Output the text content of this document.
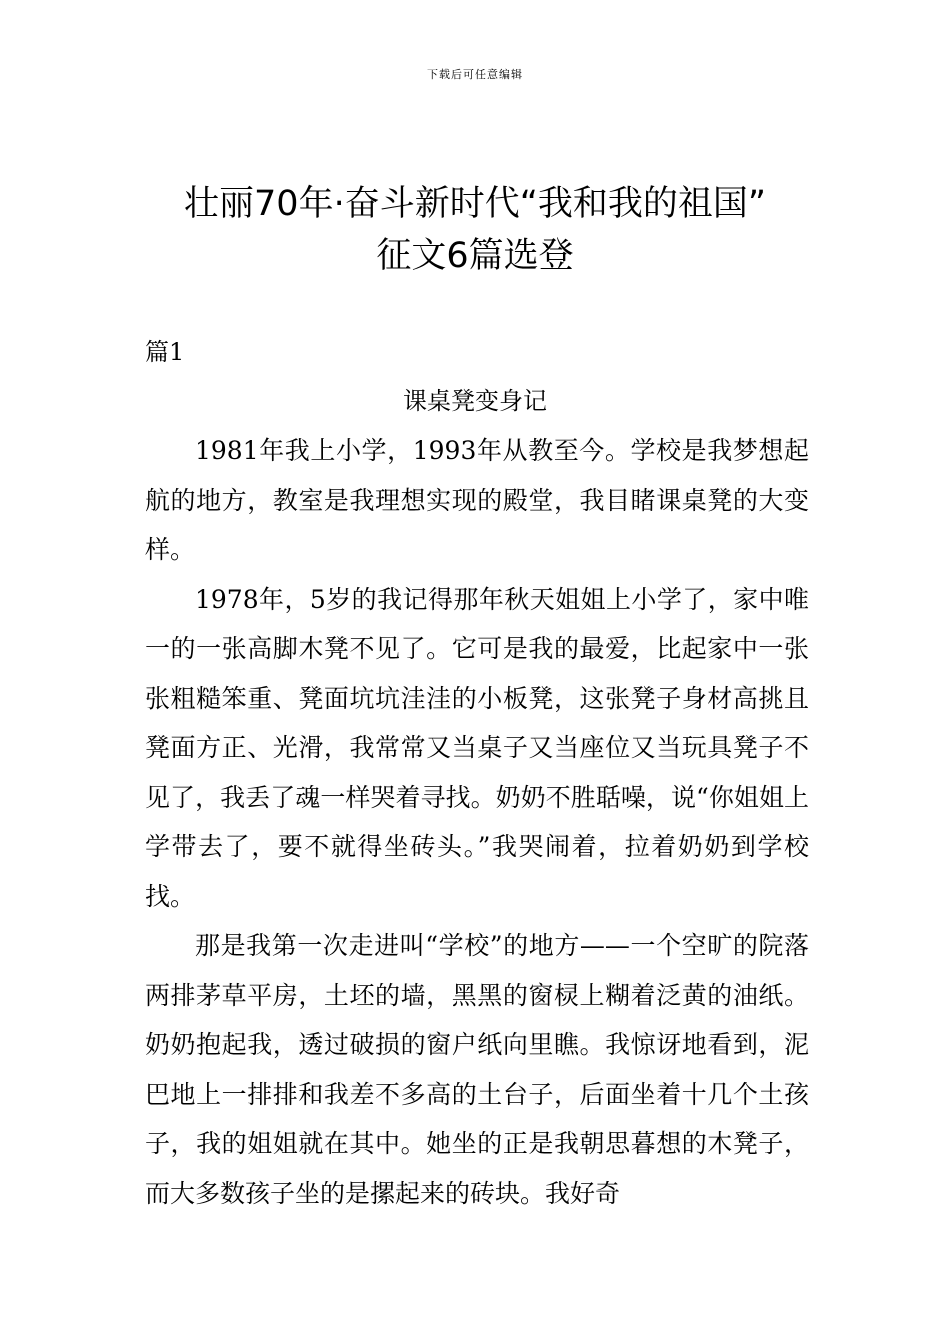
下载后可任意编辑
壮丽70年·奋斗新时代“我和我的祖国”
征文6篇选登
篇1
课桌凳变身记

1981年我上小学，1993年从教至今。学校是我梦想起航的地方，教室是我理想实现的殿堂，我目睹课桌凳的大变样。

1978年，5岁的我记得那年秋天姐姐上小学了，家中唯一的一张高脚木凳不见了。它可是我的最爱，比起家中一张张粗糙笨重、凳面坑坑洼洼的小板凳，这张凳子身材高挑且凳面方正、光滑，我常常又当桌子又当座位又当玩具凳子不见了，我丢了魂一样哭着寻找。奶奶不胜聒噪，说“你姐姐上学带去了，要不就得坐砖头。”我哭闹着，拉着奶奶到学校找。

那是我第一次走进叫“学校”的地方——一个空旷的院落两排茅草平房，土坯的墙，黑黑的窗棂上糊着泛黄的油纸。奶奶抱起我，透过破损的窗户纸向里瞧。我惊讶地看到，泥巴地上一排排和我差不多高的土台子，后面坐着十几个土孩子，我的姐姐就在其中。她坐的正是我朝思暮想的木凳子，而大多数孩子坐的是摞起来的砖块。我好奇
